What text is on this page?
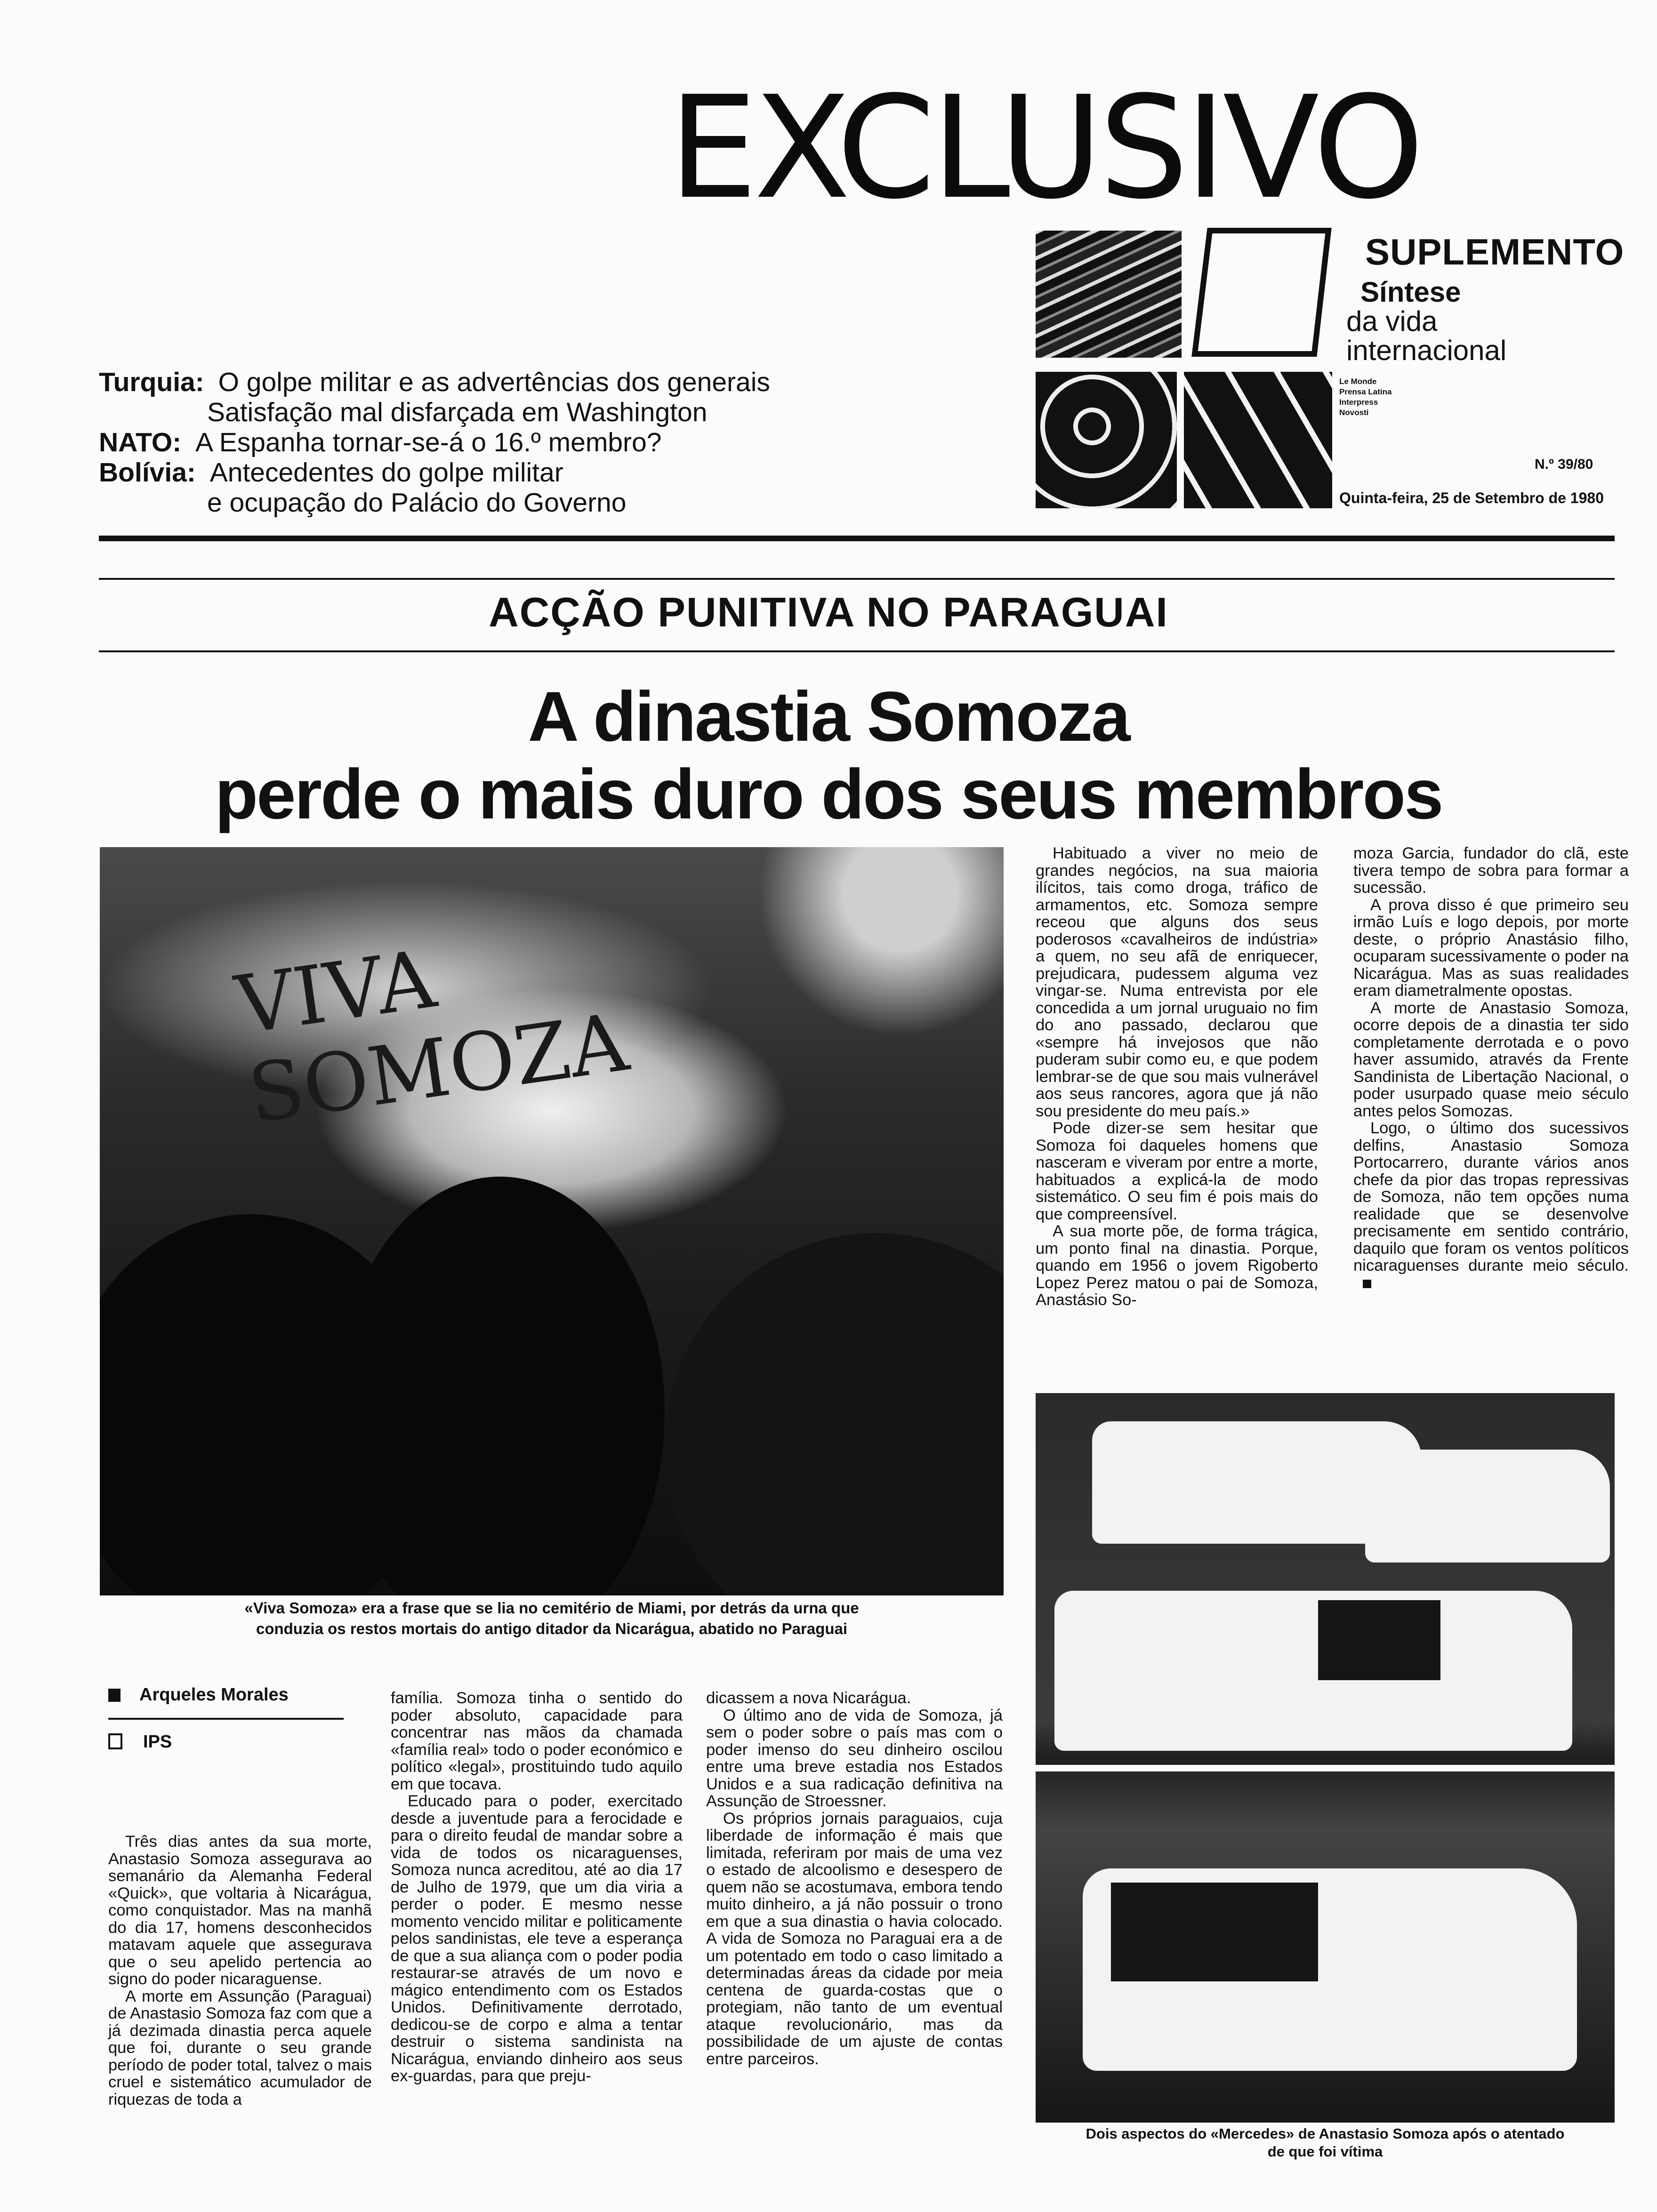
EXCLUSIVO
SUPLEMENTO
Síntese
da vida
internacional
Le Monde
Prensa Latina
Interpress
Novosti
N.º 39/80
Quinta-feira, 25 de Setembro de 1980
Turquia: O golpe militar e as advertências dos generais
Satisfação mal disfarçada em Washington
NATO: A Espanha tornar-se-á o 16.º membro?
Bolívia: Antecedentes do golpe militar
e ocupação do Palácio do Governo
ACÇÃO PUNITIVA NO PARAGUAI
A dinastia Somoza
perde o mais duro dos seus membros
VIVA SOMOZA
«Viva Somoza» era a frase que se lia no cemitério de Miami, por detrás da urna que
conduzia os restos mortais do antigo ditador da Nicarágua, abatido no Paraguai
Arqueles Morales
IPS

Três dias antes da sua morte, Anastasio Somoza assegurava ao semanário da Alemanha Federal «Quick», que voltaria à Nicarágua, como conquistador. Mas na manhã do dia 17, homens desconhecidos matavam aquele que assegurava que o seu apelido pertencia ao signo do poder nicaraguense.

A morte em Assunção (Paraguai) de Anastasio Somoza faz com que a já dezimada dinastia perca aquele que foi, durante o seu grande período de poder total, talvez o mais cruel e sistemático acumulador de riquezas de toda a

família. Somoza tinha o sentido do poder absoluto, capacidade para concentrar nas mãos da chamada «família real» todo o poder económico e político «legal», prostituindo tudo aquilo em que tocava.

Educado para o poder, exercitado desde a juventude para a ferocidade e para o direito feudal de mandar sobre a vida de todos os nicaraguenses, Somoza nunca acreditou, até ao dia 17 de Julho de 1979, que um dia viria a perder o poder. E mesmo nesse momento vencido militar e politicamente pelos sandinistas, ele teve a esperança de que a sua aliança com o poder podia restaurar-se através de um novo e mágico entendimento com os Estados Unidos. Definitivamente derrotado, dedicou-se de corpo e alma a tentar destruir o sistema sandinista na Nicarágua, enviando dinheiro aos seus ex-guardas, para que preju-

dicassem a nova Nicarágua.

O último ano de vida de Somoza, já sem o poder sobre o país mas com o poder imenso do seu dinheiro oscilou entre uma breve estadia nos Estados Unidos e a sua radicação definitiva na Assunção de Stroessner.

Os próprios jornais paraguaios, cuja liberdade de informação é mais que limitada, referiram por mais de uma vez o estado de alcoolismo e desespero de quem não se acostumava, embora tendo muito dinheiro, a já não possuir o trono em que a sua dinastia o havia colocado. A vida de Somoza no Paraguai era a de um potentado em todo o caso limitado a determinadas áreas da cidade por meia centena de guarda-costas que o protegiam, não tanto de um eventual ataque revolucionário, mas da possibilidade de um ajuste de contas entre parceiros.

Habituado a viver no meio de grandes negócios, na sua maioria ilícitos, tais como droga, tráfico de armamentos, etc. Somoza sempre receou que alguns dos seus poderosos «cavalheiros de indústria» a quem, no seu afã de enriquecer, prejudicara, pudessem alguma vez vingar-se. Numa entrevista por ele concedida a um jornal uruguaio no fim do ano passado, declarou que «sempre há invejosos que não puderam subir como eu, e que podem lembrar-se de que sou mais vulnerável aos seus rancores, agora que já não sou presidente do meu país.»

Pode dizer-se sem hesitar que Somoza foi daqueles homens que nasceram e viveram por entre a morte, habituados a explicá-la de modo sistemático. O seu fim é pois mais do que compreensível.

A sua morte põe, de forma trágica, um ponto final na dinastia. Porque, quando em 1956 o jovem Rigoberto Lopez Perez matou o pai de Somoza, Anastásio So-

moza Garcia, fundador do clã, este tivera tempo de sobra para formar a sucessão.

A prova disso é que primeiro seu irmão Luís e logo depois, por morte deste, o próprio Anastásio filho, ocuparam sucessivamente o poder na Nicarágua. Mas as suas realidades eram diametralmente opostas.

A morte de Anastasio Somoza, ocorre depois de a dinastia ter sido completamente derrotada e o povo haver assumido, através da Frente Sandinista de Libertação Nacional, o poder usurpado quase meio século antes pelos Somozas.

Logo, o último dos sucessivos delfins, Anastasio Somoza Portocarrero, durante vários anos chefe da pior das tropas repressivas de Somoza, não tem opções numa realidade que se desenvolve precisamente em sentido contrário, daquilo que foram os ventos políticos nicaraguenses durante meio século.

Dois aspectos do «Mercedes» de Anastasio Somoza após o atentado
de que foi vítima
